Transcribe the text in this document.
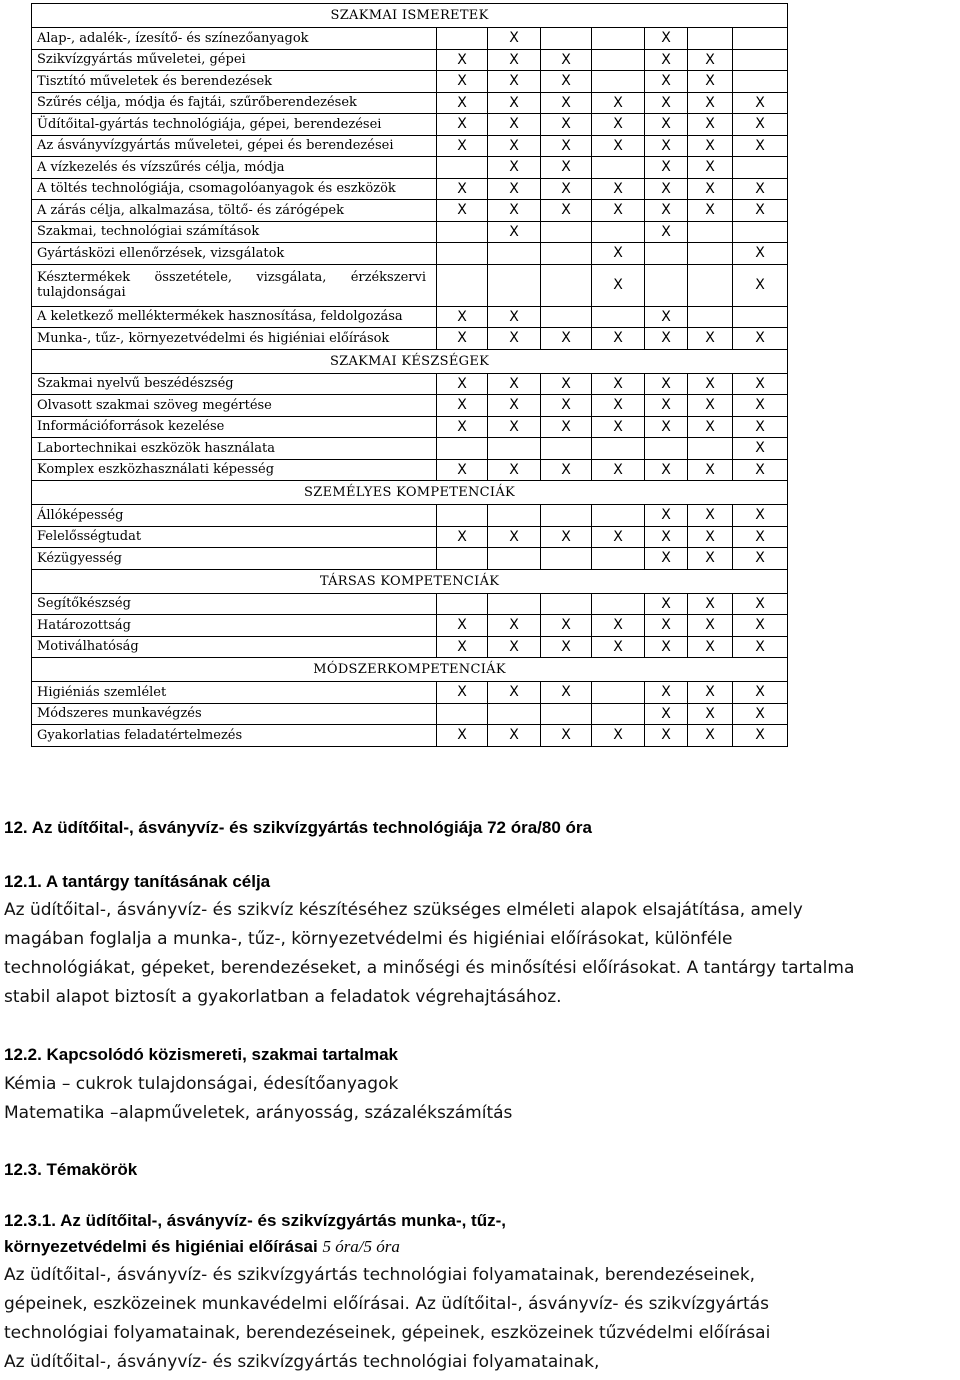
SZAKMAI ISMERETEK							
Alap-, adalék-, ízesítő- és színezőanyagok		X			X		
Szikvízgyártás műveletei, gépei	X	X	X		X	X	
Tisztító műveletek és berendezések	X	X	X		X	X	
Szűrés célja, módja és fajtái, szűrőberendezések	X	X	X	X	X	X	X
Üdítőital-gyártás technológiája, gépei, berendezései	X	X	X	X	X	X	X
Az ásványvízgyártás műveletei, gépei és berendezései	X	X	X	X	X	X	X
A vízkezelés és vízszűrés célja, módja		X	X		X	X	
A töltés technológiája, csomagolóanyagok és eszközök	X	X	X	X	X	X	X
A zárás célja, alkalmazása, töltő- és zárógépek	X	X	X	X	X	X	X
Szakmai, technológiai számítások		X			X		
Gyártásközi ellenőrzések, vizsgálatok				X			X

Késztermékek összetétele, vizsgálata, érzékszervi
tulajdonságai				X			X
A keletkező melléktermékek hasznosítása, feldolgozása	X	X			X		
Munka-, tűz-, környezetvédelmi és higiéniai előírások	X	X	X	X	X	X	X
SZAKMAI KÉSZSÉGEK							
Szakmai nyelvű beszédészség	X	X	X	X	X	X	X
Olvasott szakmai szöveg megértése	X	X	X	X	X	X	X
Információforrások kezelése	X	X	X	X	X	X	X
Labortechnikai eszközök használata							X
Komplex eszközhasználati képesség	X	X	X	X	X	X	X
SZEMÉLYES KOMPETENCIÁK							
Állóképesség					X	X	X
Felelősségtudat	X	X	X	X	X	X	X
Kézügyesség					X	X	X
TÁRSAS KOMPETENCIÁK							
Segítőkészség					X	X	X
Határozottság	X	X	X	X	X	X	X
Motiválhatóság	X	X	X	X	X	X	X
MÓDSZERKOMPETENCIÁK							
Higiéniás szemlélet	X	X	X		X	X	X
Módszeres munkavégzés					X	X	X
Gyakorlatias feladatértelmezés	X	X	X	X	X	X	X
12. Az üdítőital-, ásványvíz- és szikvízgyártás technológiája 72 óra/80 óra
12.1. A tantárgy tanításának célja

Az üdítőital-, ásványvíz- és szikvíz készítéséhez szükséges elméleti alapok elsajátítása, amely

magában foglalja a munka-, tűz-, környezetvédelmi és higiéniai előírásokat, különféle

technológiákat, gépeket, berendezéseket, a minőségi és minősítési előírásokat. A tantárgy tartalma

stabil alapot biztosít a gyakorlatban a feladatok végrehajtásához.

12.2. Kapcsolódó közismereti, szakmai tartalmak

Kémia – cukrok tulajdonságai, édesítőanyagok

Matematika –alapműveletek, arányosság, százalékszámítás

12.3. Témakörök
12.3.1. Az üdítőital-, ásványvíz- és szikvízgyártás munka-, tűz-,
környezetvédelmi és higiéniai előírásai 5 óra/5 óra

Az üdítőital-, ásványvíz- és szikvízgyártás technológiai folyamatainak, berendezéseinek,

gépeinek, eszközeinek munkavédelmi előírásai. Az üdítőital-, ásványvíz- és szikvízgyártás

technológiai folyamatainak, berendezéseinek, gépeinek, eszközeinek tűzvédelmi előírásai

Az üdítőital-, ásványvíz- és szikvízgyártás technológiai folyamatainak,
